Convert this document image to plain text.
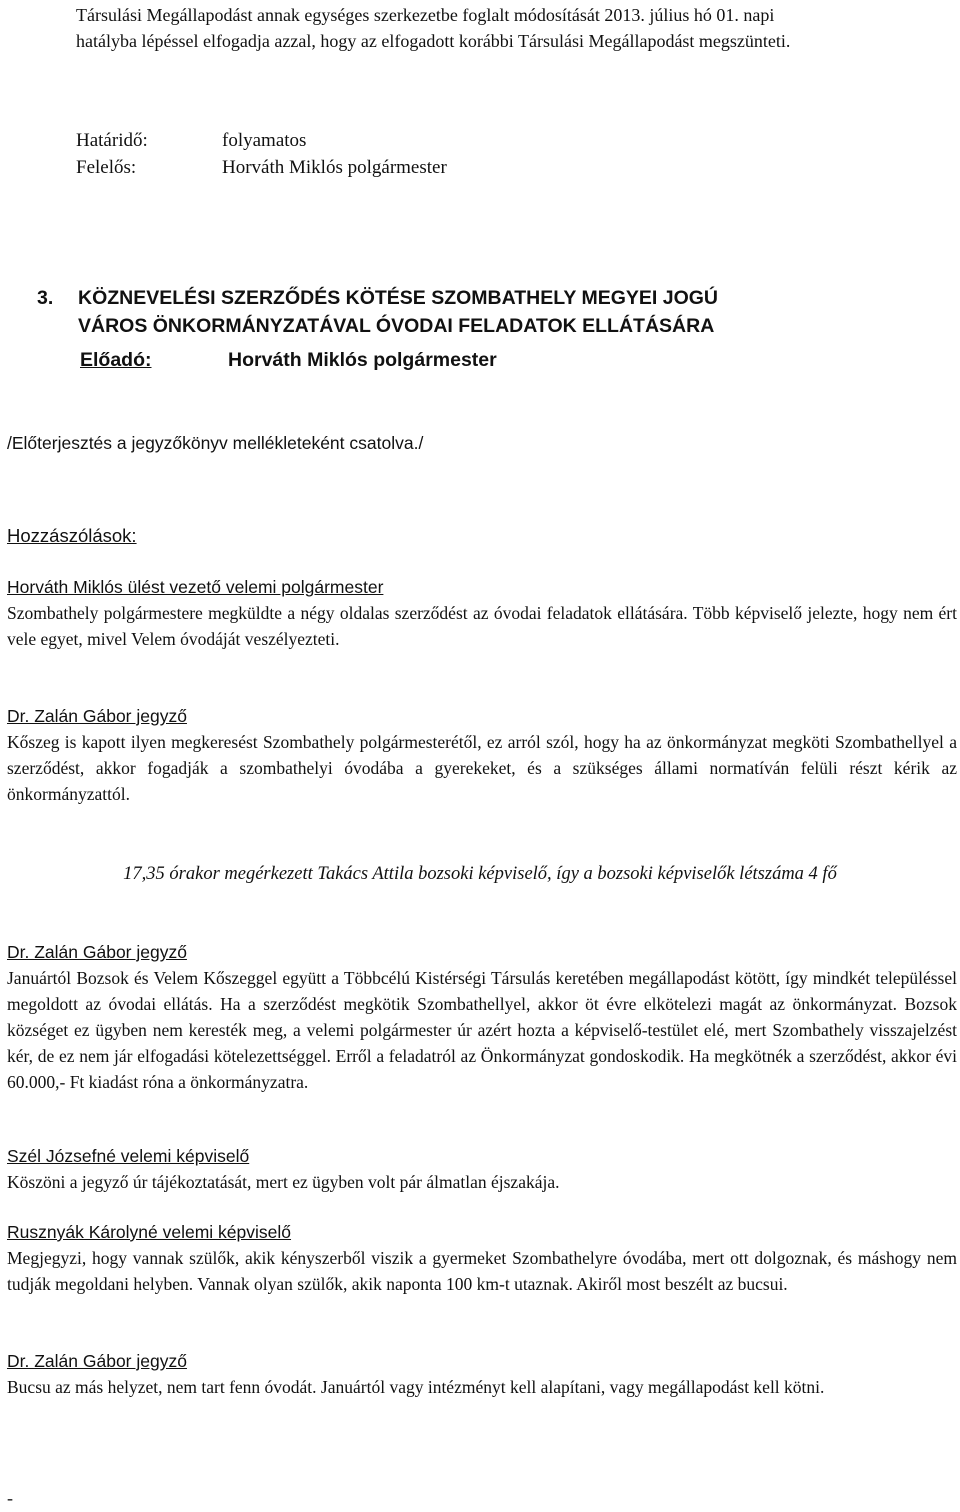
Társulási Megállapodást annak egységes szerkezetbe foglalt módosítását 2013. július hó 01. napi
hatályba lépéssel elfogadja azzal, hogy az elfogadott korábbi Társulási Megállapodást megszünteti.
Határidő:	folyamatos
Felelős:	Horváth Miklós polgármester
3. KÖZNEVELÉSI SZERZŐDÉS KÖTÉSE SZOMBATHELY MEGYEI JOGÚ
VÁROS ÖNKORMÁNYZATÁVAL ÓVODAI FELADATOK ELLÁTÁSÁRA
Előadó:	Horváth Miklós polgármester
/Előterjesztés a jegyzőkönyv mellékleteként csatolva./
Hozzászólások:
Horváth Miklós ülést vezető velemi polgármester
Szombathely polgármestere megküldte a négy oldalas szerződést az óvodai feladatok ellátására. Több képviselő jelezte, hogy nem ért vele egyet, mivel Velem óvodáját veszélyezteti.
Dr. Zalán Gábor jegyző
Kőszeg is kapott ilyen megkeresést Szombathely polgármesterétől, ez arról szól, hogy ha az önkormányzat megköti Szombathellyel a szerződést, akkor fogadják a szombathelyi óvodába a gyerekeket, és a szükséges állami normatíván felüli részt kérik az önkormányzattól.
17,35 órakor megérkezett Takács Attila bozsoki képviselő, így a bozsoki képviselők létszáma 4 fő
Dr. Zalán Gábor jegyző
Januártól Bozsok és Velem Kőszeggel együtt a Többcélú Kistérségi Társulás keretében megállapodást kötött, így mindkét településsel megoldott az óvodai ellátás. Ha a szerződést megkötik Szombathellyel, akkor öt évre elkötelezi magát az önkormányzat. Bozsok községet ez ügyben nem keresték meg, a velemi polgármester úr azért hozta a képviselő-testület elé, mert Szombathely visszajelzést kér, de ez nem jár elfogadási kötelezettséggel. Erről a feladatról az Önkormányzat gondoskodik. Ha megkötnék a szerződést, akkor évi 60.000,- Ft kiadást róna a önkormányzatra.
Szél Józsefné velemi képviselő
Köszöni a jegyző úr tájékoztatását, mert ez ügyben volt pár álmatlan éjszakája.
Rusznyák Károlyné velemi képviselő
Megjegyzi, hogy vannak szülők, akik kényszerből viszik a gyermeket Szombathelyre óvodába, mert ott dolgoznak, és máshogy nem tudják megoldani helyben. Vannak olyan szülők, akik naponta 100 km-t utaznak. Akiről most beszélt az bucsui.
Dr. Zalán Gábor jegyző
Bucsu az más helyzet, nem tart fenn óvodát. Januártól vagy intézményt kell alapítani, vagy megállapodást kell kötni.
-
